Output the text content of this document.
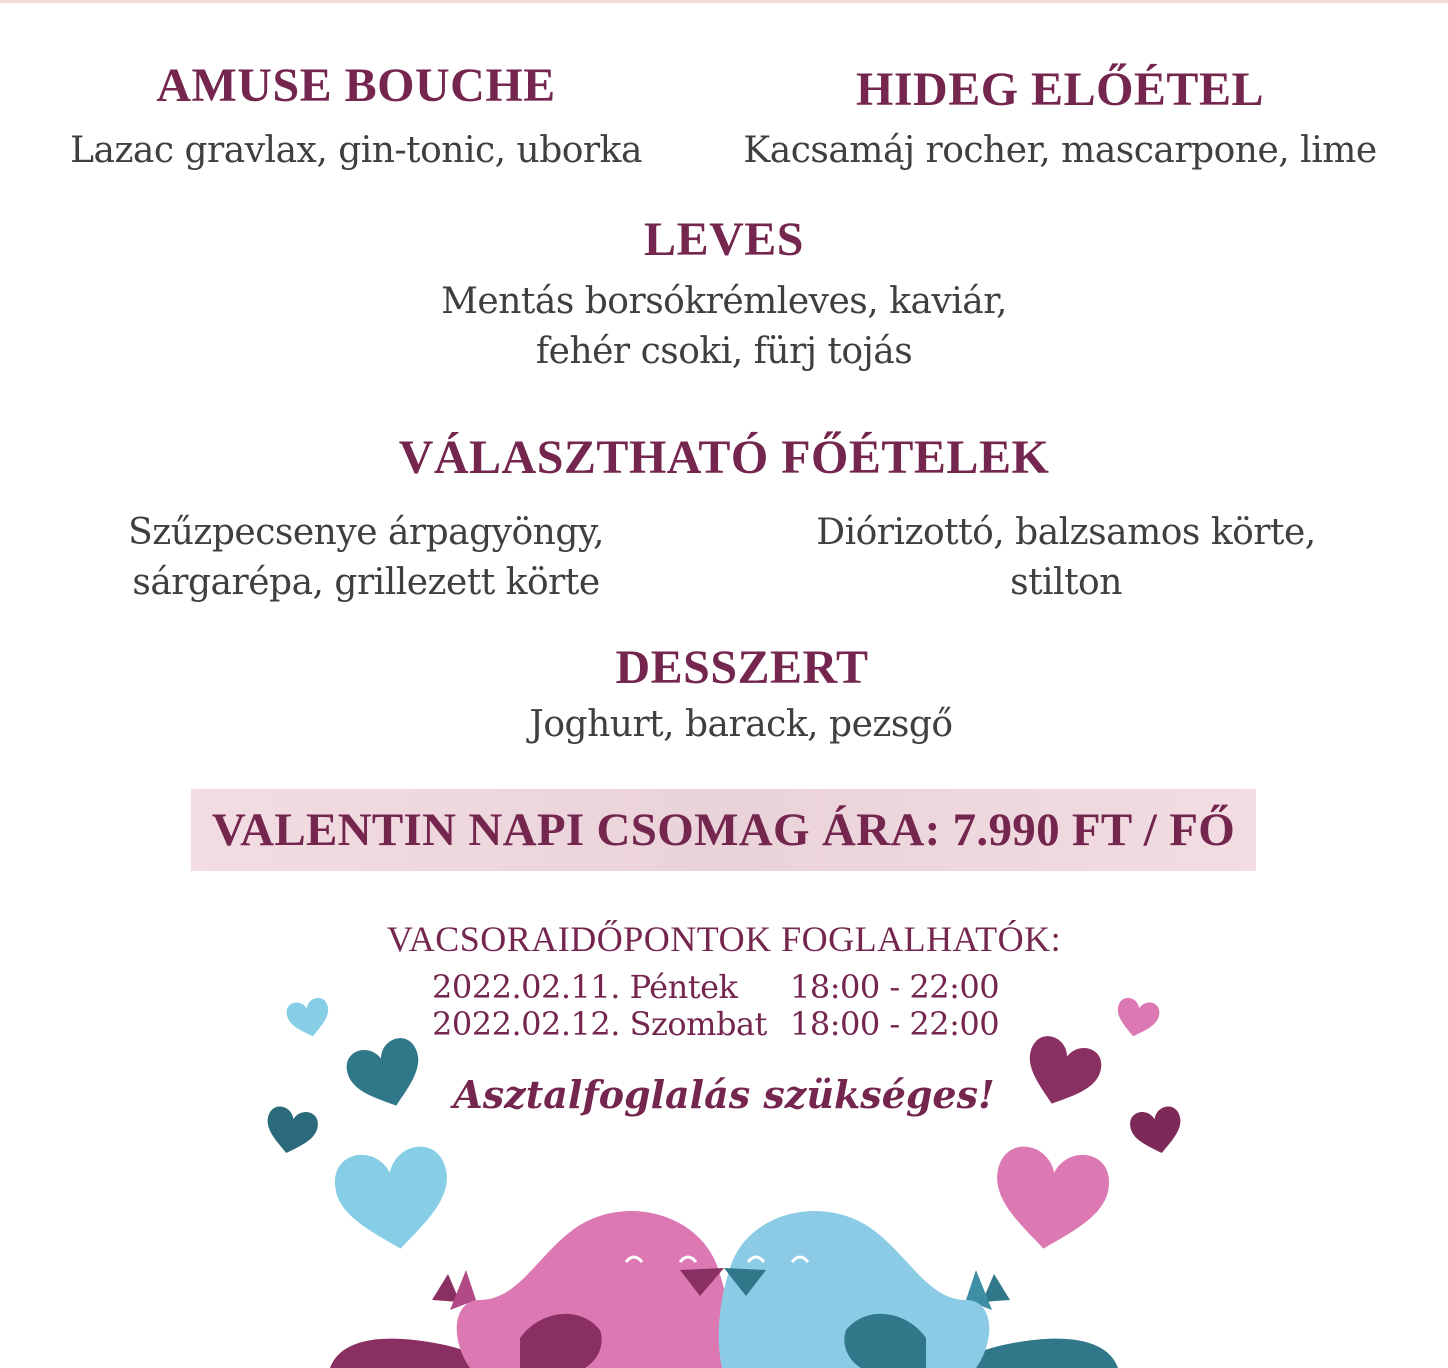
AMUSE BOUCHE
Lazac gravlax, gin-tonic, uborka
HIDEG ELŐÉTEL
Kacsamáj rocher, mascarpone, lime
LEVES
Mentás borsókrémleves, kaviár,
fehér csoki, fürj tojás
VÁLASZTHATÓ FŐÉTELEK
Szűzpecsenye árpagyöngy,
sárgarépa, grillezett körte
Diórizottó, balzsamos körte,
stilton
DESSZERT
Joghurt, barack, pezsgő
VALENTIN NAPI CSOMAG ÁRA: 7.990 FT / FŐ
VACSORAIDŐPONTOK FOGLALHATÓK:
2022.02.11. Péntek 18:00 - 22:00
2022.02.12. Szombat 18:00 - 22:00
Asztalfoglalás szükséges!
